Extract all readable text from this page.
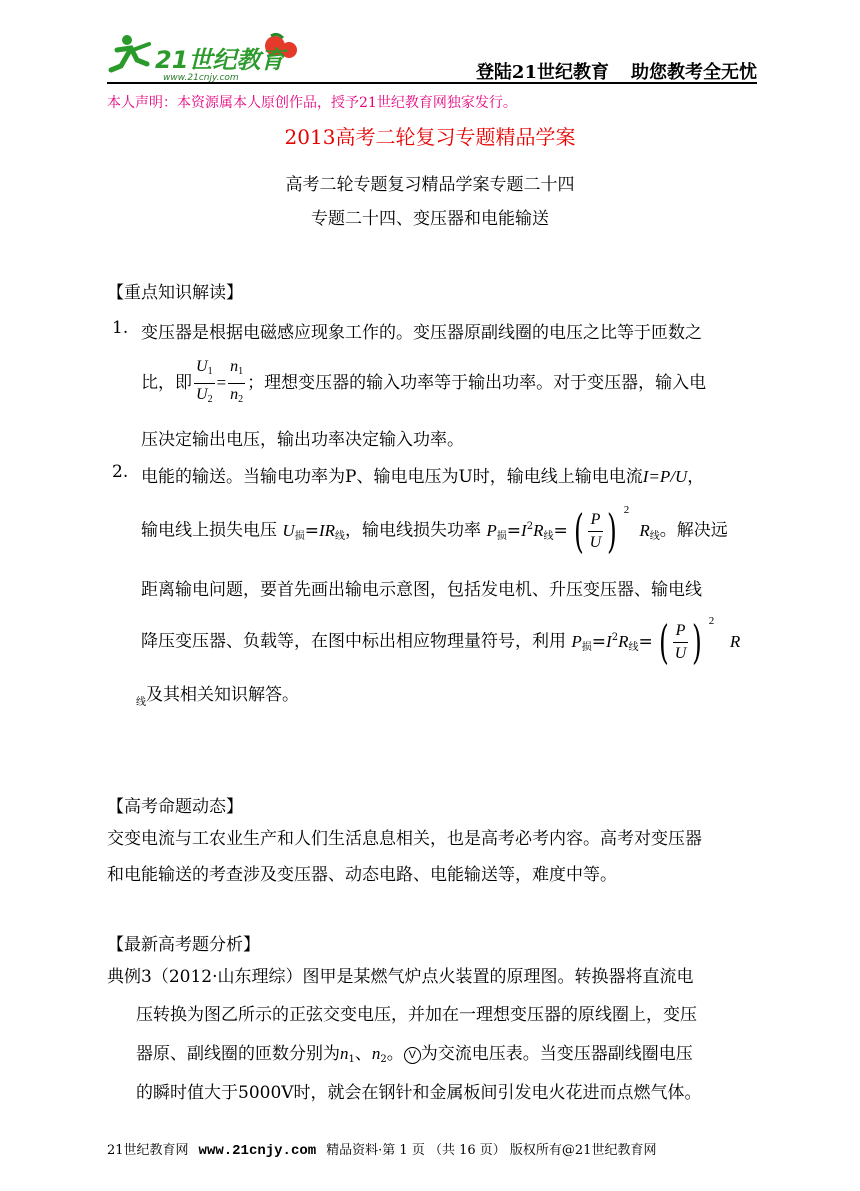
21世纪教育
www.21cnjy.com	登陆21世纪教育 助您教考全无忧
本人声明：本资源属本人原创作品，授予21世纪教育网独家发行。
2013高考二轮复习专题精品学案
高考二轮专题复习精品学案专题二十四
专题二十四、变压器和电能输送
【重点知识解读】
1. 变压器是根据电磁感应现象工作的。变压器原副线圈的电压之比等于匝数之
比，即 $\frac{U_1}{U_2} = \frac{n_1}{n_2}$ ；理想变压器的输入功率等于输出功率。对于变压器，输入电
压决定输出电压，输出功率决定输入功率。
2. 电能的输送。当输电功率为P、输电电压为U时，输电线上输电电流I=P/U，
输电线上损失电压 $U_损=IR_线$，输电线损失功率 $P_损=I^2R_线=$ ( $\frac{P}{U}$ ) 2
$R_线$。解决远
距离输电问题，要首先画出输电示意图，包括发电机、升压变压器、输电线
降压变压器、负载等，在图中标出相应物理量符号，利用 $P_损=I^2R_线=$ ( $\frac{P}{U}$ ) 2
R
$_线$及其相关知识解答。
【高考命题动态】
交变电流与工农业生产和人们生活息息相关，也是高考必考内容。高考对变压器
和电能输送的考查涉及变压器、动态电路、电能输送等，难度中等。
【最新高考题分析】
典例3（2012·山东理综）图甲是某燃气炉点火装置的原理图。转换器将直流电
压转换为图乙所示的正弦交变电压，并加在一理想变压器的原线圈上，变压
器原、副线圈的匝数分别为$n_1$、$n_2$。 V 为交流电压表。当变压器副线圈电压
的瞬时值大于5000V时，就会在钢针和金属板间引发电火花进而点燃气体。
21世纪教育网 www.21cnjy.com 精品资料·第 1 页 （共 16 页） 版权所有@21世纪教育网
